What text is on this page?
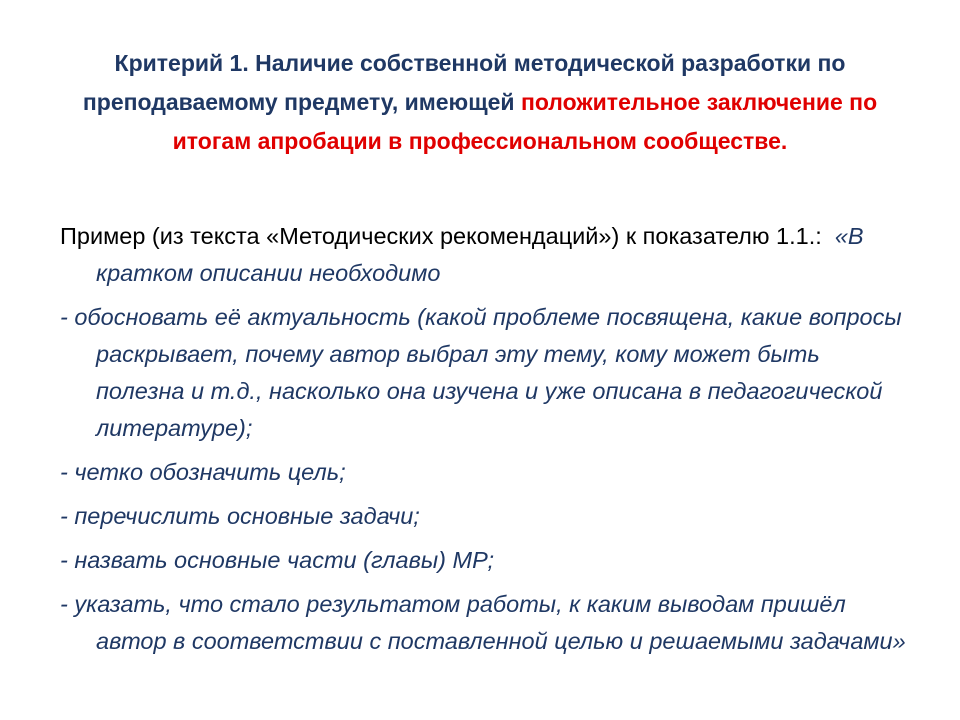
Критерий 1. Наличие собственной методической разработки по преподаваемому предмету, имеющей положительное заключение по итогам апробации в профессиональном сообществе.

Пример (из текста «Методических рекомендаций») к показателю 1.1.: «В кратком описании необходимо

- обосновать её актуальность (какой проблеме посвящена, какие вопросы раскрывает, почему автор выбрал эту тему, кому может быть полезна и т.д., насколько она изучена и уже описана в педагогической литературе);

- четко обозначить цель;

- перечислить основные задачи;

- назвать основные части (главы) МР;

- указать, что стало результатом работы, к каким выводам пришёл автор в соответствии с поставленной целью и решаемыми задачами»
